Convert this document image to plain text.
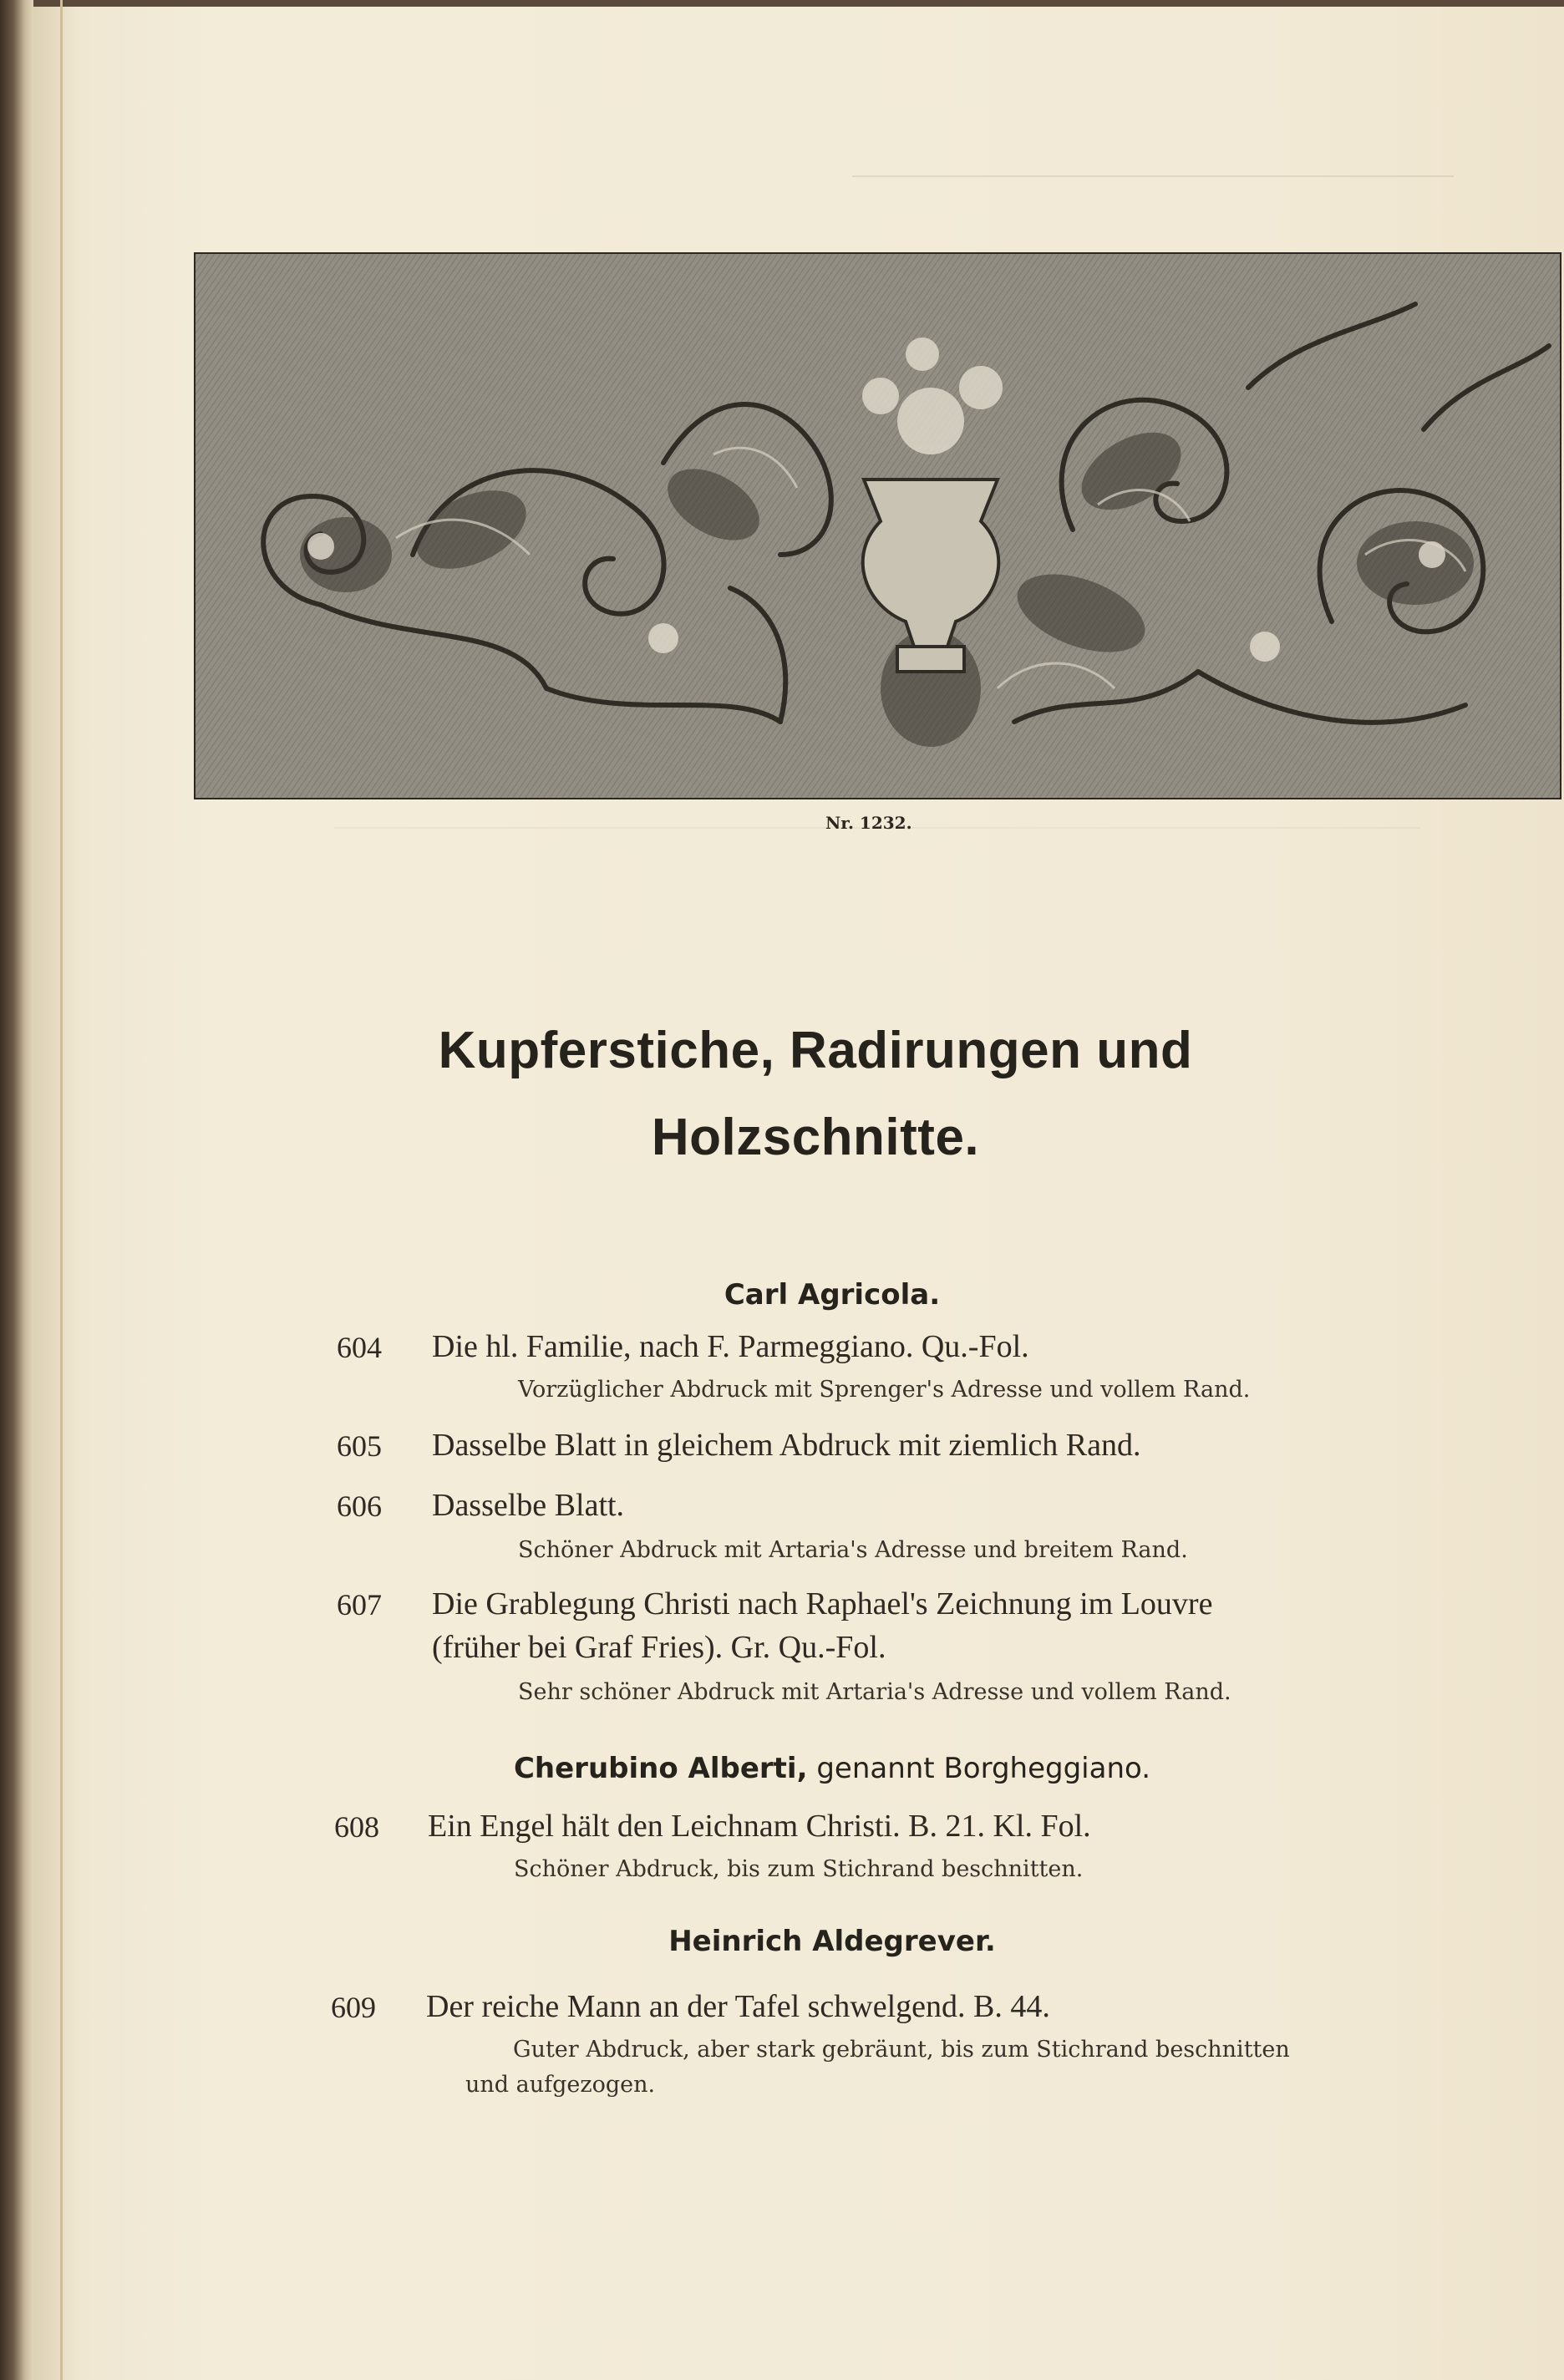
Nr. 1232.
Kupferstiche, Radirungen und
Holzschnitte.
Carl Agricola.
604 Die hl. Familie, nach F. Parmeggiano. Qu.-Fol.
Vorzüglicher Abdruck mit Sprenger's Adresse und vollem Rand.
605 Dasselbe Blatt in gleichem Abdruck mit ziemlich Rand.
606 Dasselbe Blatt.
Schöner Abdruck mit Artaria's Adresse und breitem Rand.
607 Die Grablegung Christi nach Raphael's Zeichnung im Louvre
(früher bei Graf Fries). Gr. Qu.-Fol.
Sehr schöner Abdruck mit Artaria's Adresse und vollem Rand.
Cherubino Alberti, genannt Borgheggiano.
608 Ein Engel hält den Leichnam Christi. B. 21. Kl. Fol.
Schöner Abdruck, bis zum Stichrand beschnitten.
Heinrich Aldegrever.
609 Der reiche Mann an der Tafel schwelgend. B. 44.
Guter Abdruck, aber stark gebräunt, bis zum Stichrand beschnitten
und aufgezogen.
